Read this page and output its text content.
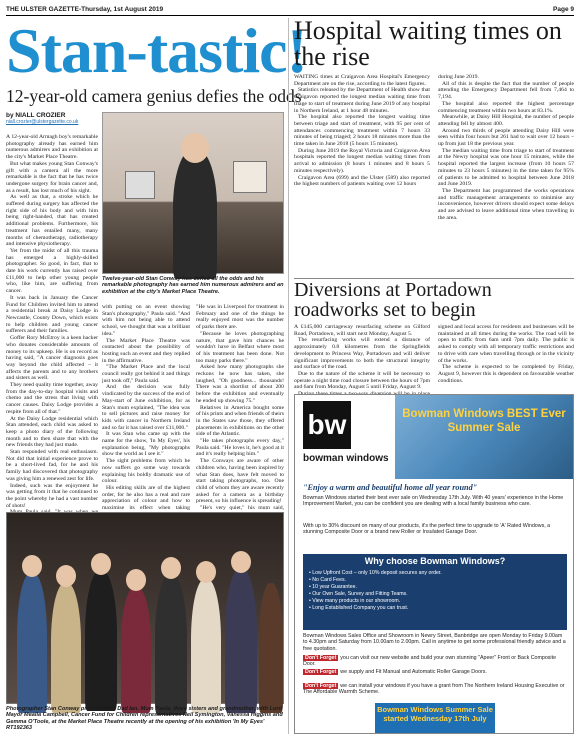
THE ULSTER GAZETTE-Thursday, 1st August 2019	Page 9
Stan-tastic!
12-year-old camera genius defies the odds
by NIALL CROZIER
niall.crozier@ulstergazette.co.uk

A 12-year-old Armagh boy's remarkable photography already has earned him numerous admirers and an exhibition at the city's Market Place Theatre.

But what makes young Stan Conway's gift with a camera all the more remarkable is the fact that he has twice undergone surgery for brain cancer and, as a result, has lost much of his sight.

As well as that, a stroke which he suffered during surgery has affected the right side of his body and with him being right-handed, that has created additional problems. Furthermore, his treatment has entailed many, many months of chemotherapy, radiotherapy and intensive physiotherapy.

Yet from the midst of all this trauma has emerged a highly-skilled photographer. So good, in fact, that to date his work currently has raised over £11,000 to help other young people who, like him, are suffering from cancer.

It was back in January the Cancer Fund for Children invited him to attend a residential break at Daisy Lodge in Newcastle, County Down, which exists to help children and young cancer sufferers and their families.

Goffer Rory McEtroy is a keen hacker who donates considerable amounts of money to its upkeep. He is on record as having said, "A cancer diagnosis goes way beyond the child affected – it affects the parents and to any brothers and sisters as well.

They need quality time together, away from the day-to-day hospital visits and chemo and the stress that living with cancer causes. Daisy Lodge provides a respite from all of that."

At the Daisy Lodge residential which Stan attended, each child was asked to keep a photo diary of the following month and to then share that with the new friends they had just made.

Stan responded with real enthusiasm. Not did that initial experience prove to be a short-lived fad, for he and his family had discovered that photography was giving him a renewed zest for life.

Indeed, such was the enjoyment he was getting from it that he continued to the point whereby he had a vast number of shots!

Twelve-year-old Stan Conway has defied all the odds and his remarkable photography has earned him numerous admirers and an exhibition at the city's Market Place Theatre.

with putting on an event showing Stan's photography," Paula said. "And with him not being able to attend school, we thought that was a brilliant idea."

The Market Place Theatre was contacted about the possibility of hosting such an event and they replied in the affirmative.

"The Market Place and the local council really got behind it and things just took off," Paula said.

And the decision was fully vindicated by the success of the end of May-start of June exhibition, for as Stan's mum explained, "The idea was to sell pictures and raise money for kids with cancer in Northern Ireland and so far it has raised over £11,000."

It was Stan who came up with the name for the show, 'In My Eyes', his explanation being, "My photographs show the world as I see it."

The sight problems from which he now suffers go some way towards explaining his boldly dramatic use of colour.

His editing skills are of the highest order, for he also has a real and rare appreciation of colour and how to maximise its effect when taking

"He was in Liverpool for treatment in February and one of the things he really enjoyed most was the number of parks there are.

"Because he loves photographing nature, that gave him chances he wouldn't have in Belfast where most of his treatment has been done. Not too many parks there."

Asked how many photographs she reckons he now has taken, she laughed, "Oh goodness... thousands! There was a shortlist of about 200 before the exhibition and eventually he ended up showing 75."

Relatives in America bought some of his prints and when friends of theirs in the States saw those, they offered placements in exhibitions on the other side of the Atlantic.

"He takes photographs every day," Paula said. "He loves it, he's good at it and it's really helping him."

The Conways are aware of other children who, having been inspired by what Stan does, have felt moved to start taking photographs, too. One child of whom they are aware recently asked for a camera as a birthday present, so his influence is spreading!

"He's very quiet," his mum said,

Photographer Stan Conway pictured with Dad Ian, Mum Paula, three sisters and grandmother, with Lord Mayor Mealla Campbell, Cancer Fund for Children representatives Neil Symington, Vanessa Higgins and Gemma O'Toole, at the Market Place Theatre recently at the opening of his exhibition 'In My Eyes' RT192363
Hospital waiting times on the rise

WAITING times at Craigavon Area Hospital's Emergency Department are on the rise, according to the latest figures.

Statistics released by the Department of Health show that Craigavon reported the longest median waiting time from triage to start of treatment during June 2019 of any hospital in Northern Ireland, at 1 hour 48 minutes.

The hospital also reported the longest waiting time between triage and start of treatment, with 95 per cent of attendances commencing treatment within 7 hours 33 minutes of being triaged; 2 hours 18 minutes more than the time taken in June 2018 (5 hours 15 minutes).

During June 2019 the Royal Victoria and Craigavon Area hospitals reported the longest median waiting times from arrival to admission (8 hours 1 minutes and 8 hours 5 minutes respectively).

Craigavon Area (699) and the Ulster (589) also reported the highest numbers of patients waiting over 12 hours

during June 2019.

All of this is despite the fact that the number of people attending the Emergency Department fell from 7,464 to 7,194.

The hospital also reported the highest percentage commencing treatment within two hours at 83.1%.

Meanwhile, at Daisy Hill Hospital, the number of people attending fell by almost 400.

Around two thirds of people attending Daisy Hill were seen within four hours but 261 had to wait over 12 hours – up from just 18 the previous year.

The median waiting time from triage to start of treatment at the Newry hospital was one hour 15 minutes, while the hospital reported the largest increase (from 10 hours 57 minutes to 23 hours 5 minutes) in the time taken for 95% of patients to be admitted to hospital between June 2018 and June 2019.

The Department has programmed the works operations and traffic management arrangements to minimise any inconvenience, however drivers should expect some delays and are advised to leave additional time when travelling in the area.

Diversions at Portadown roadworks set to begin

A £145,000 carriageway resurfacing scheme on Gilford Road, Portadown, will start next Monday, August 5.

The resurfacing works will extend a distance of approximately 0.8 kilometres from the Springfields development to Princess Way, Portadown and will deliver significant improvements to both the structural integrity and surface of the road.

Due to the nature of the scheme it will be necessary to operate a night time road closure between the hours of 7pm and 6am from Monday, August 5 until Friday, August 9.

signed and local access for residents and businesses will be maintained at all times during the works. The road will be open to traffic from 6am until 7pm daily. The public is asked to comply with all temporary traffic restrictions and to drive with care when travelling through or in the vicinity of the works.

The scheme is expected to be completed by Friday, August 9, however this is dependent on favourable weather conditions.

bw
bowman windows
Bowman Windows BEST Ever Summer Sale
"Enjoy a warm and beautiful home all year round"
Bowman Windows started their best ever sale on Wednesday 17th July. With 40 years' experience in the Home Improvement Market, you can be confident you are dealing with a local family business who care.
With up to 30% discount on many of our products, it's the perfect time to upgrade to 'A' Rated Windows, a stunning Composite Door or a brand new Roller or Insulated Garage Door.
Why choose Bowman Windows?
• Low Upfront Cost – only 10% deposit secures any order.
• No Card Fees.
• 10 year Guarantee.
• Our Own Sale, Survey and Fitting Teams.
• View many products in our showroom.
• Long Established Company you can trust.
Bowman Windows Sales Office and Showroom in Newry Street, Banbridge are open Monday to Friday 9.00am to 4.30pm and Saturday from 10.00am to 2.00pm. Call in anytime to get some professional friendly advice and a free quotation.
Don't Forget you can visit our new website and build your own stunning "Apeer" Front or Back Composite Door.
Don't Forget we supply and Fit Manual and Automatic Roller Garage Doors.
Don't Forget we can install your windows if you have a grant from The Northern Ireland Housing Executive or The Affordable Warmth Scheme.
Bowman Windows Summer Sale started Wednesday 17th July
